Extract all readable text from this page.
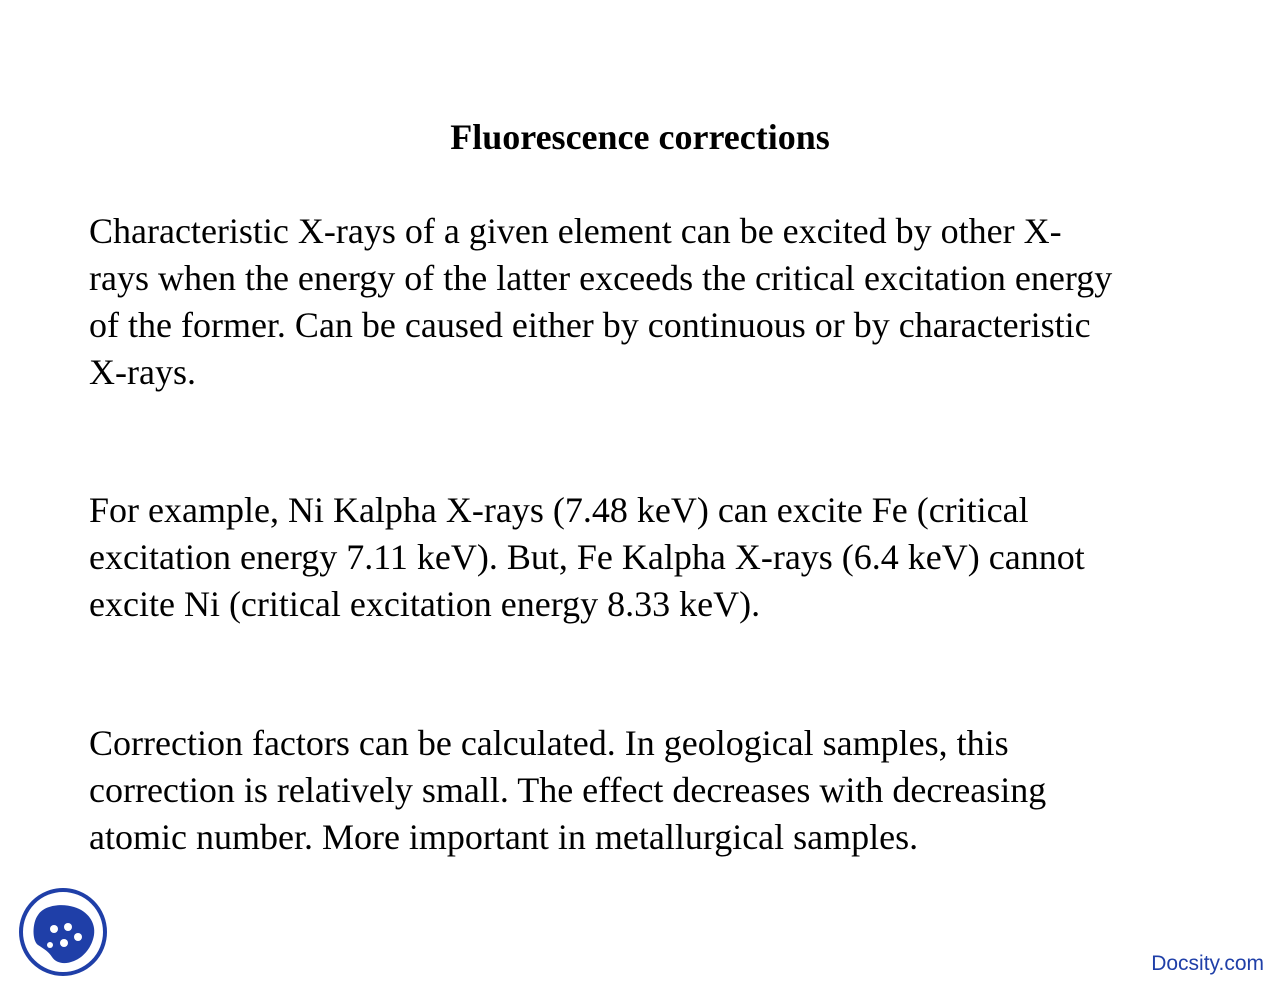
Fluorescence corrections

Characteristic X-rays of a given element can be excited by other X-
rays when the energy of the latter exceeds the critical excitation energy
of the former. Can be caused either by continuous or by characteristic
X-rays.

For example, Ni Kalpha X-rays (7.48 keV) can excite Fe (critical
excitation energy 7.11 keV). But, Fe Kalpha X-rays (6.4 keV) cannot
excite Ni (critical excitation energy 8.33 keV).

Correction factors can be calculated. In geological samples, this
correction is relatively small. The effect decreases with decreasing
atomic number. More important in metallurgical samples.

Docsity.com
